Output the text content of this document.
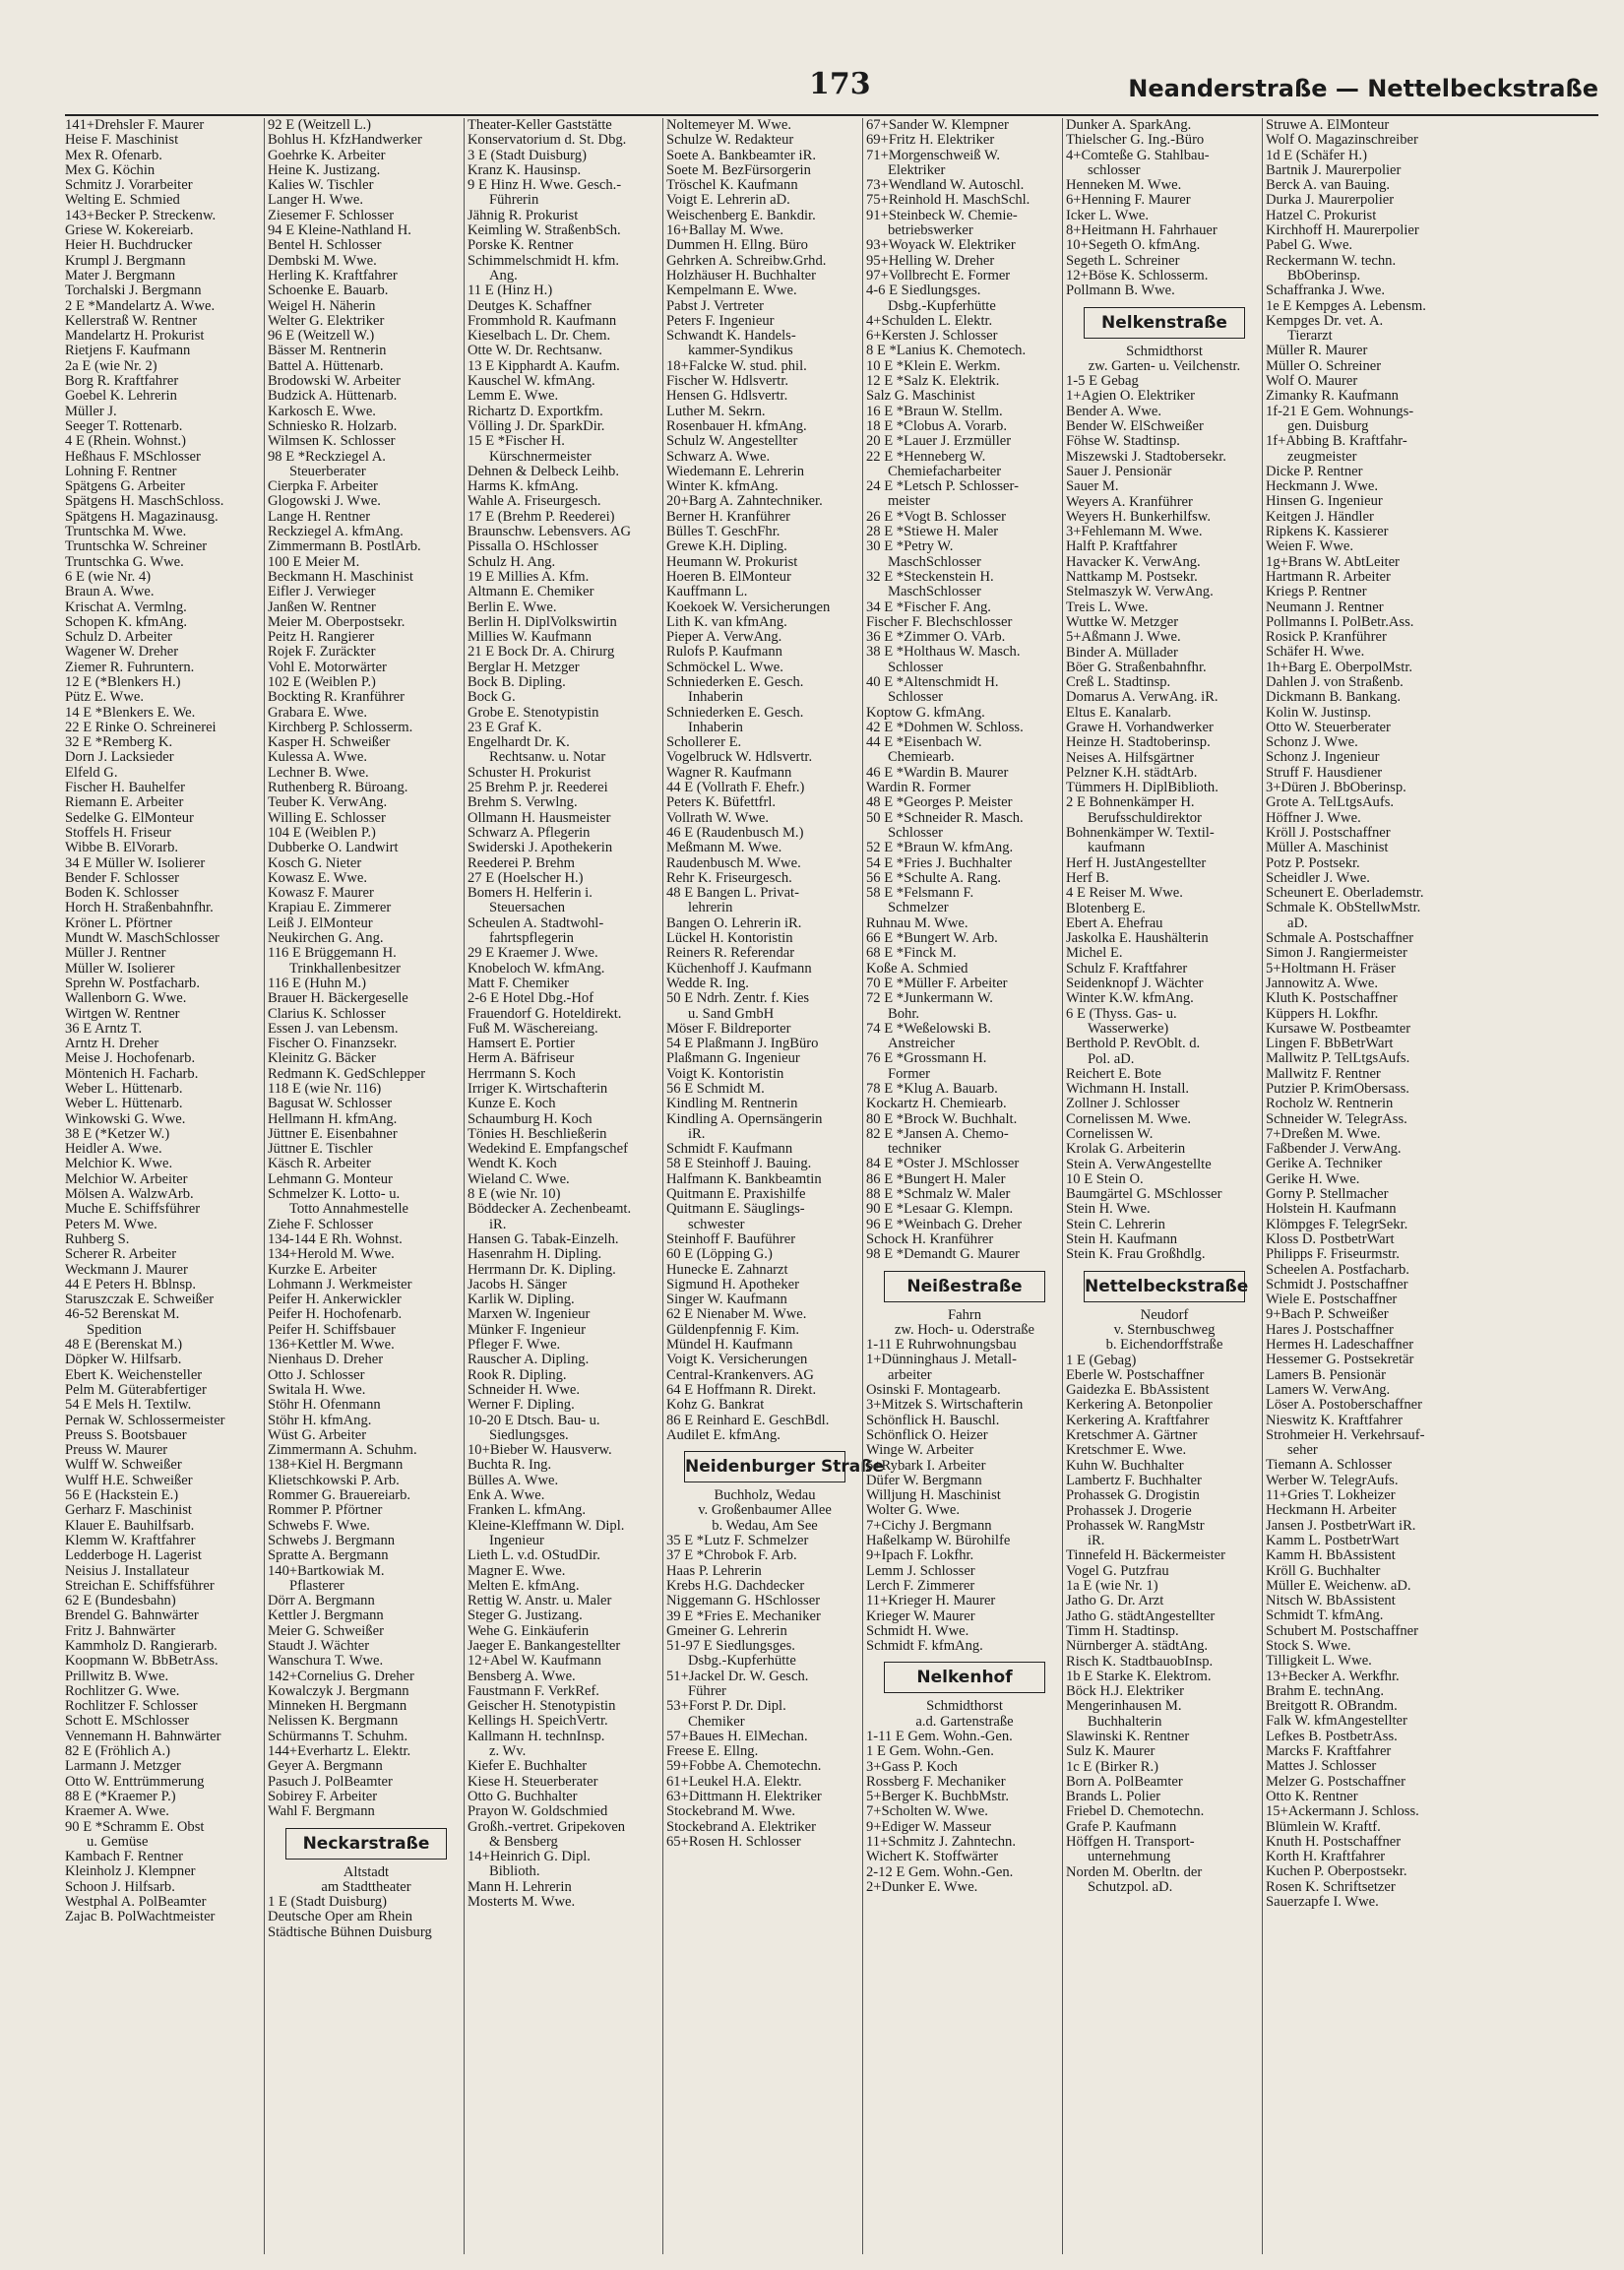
173	Neanderstraße — Nettelbeckstraße
141+Drehsler F. Maurer
Heise F. Maschinist
Mex R. Ofenarb.
Mex G. Köchin
Schmitz J. Vorarbeiter
Welting E. Schmied
143+Becker P. Streckenw.
Griese W. Kokereiarb.
Heier H. Buchdrucker
Krumpl J. Bergmann
Mater J. Bergmann
Torchalski J. Bergmann
2 E *Mandelartz A. Wwe.
Kellerstraß W. Rentner
Mandelartz H. Prokurist
Rietjens F. Kaufmann
2a E (wie Nr. 2)
Borg R. Kraftfahrer
Goebel K. Lehrerin
Müller J.
Seeger T. Rottenarb.
4 E (Rhein. Wohnst.)
Heßhaus F. MSchlosser
Lohning F. Rentner
Spätgens G. Arbeiter
Spätgens H. MaschSchloss.
Spätgens H. Magazinausg.
Truntschka M. Wwe.
Truntschka W. Schreiner
Truntschka G. Wwe.
6 E (wie Nr. 4)
Braun A. Wwe.
Krischat A. Vermlng.
Schopen K. kfmAng.
Schulz D. Arbeiter
Wagener W. Dreher
Ziemer R. Fuhruntern.
12 E (*Blenkers H.)
Pütz E. Wwe.
14 E *Blenkers E. We.
22 E Rinke O. Schreinerei
32 E *Remberg K.
Dorn J. Lacksieder
Elfeld G.
Fischer H. Bauhelfer
Riemann E. Arbeiter
Sedelke G. ElMonteur
Stoffels H. Friseur
Wibbe B. ElVorarb.
34 E Müller W. Isolierer
Bender F. Schlosser
Boden K. Schlosser
Horch H. Straßenbahnfhr.
Kröner L. Pförtner
Mundt W. MaschSchlosser
Müller J. Rentner
Müller W. Isolierer
Sprehn W. Postfacharb.
Wallenborn G. Wwe.
Wirtgen W. Rentner
36 E Arntz T.
Arntz H. Dreher
Meise J. Hochofenarb.
Möntenich H. Facharb.
Weber L. Hüttenarb.
Weber L. Hüttenarb.
Winkowski G. Wwe.
38 E (*Ketzer W.)
Heidler A. Wwe.
Melchior K. Wwe.
Melchior W. Arbeiter
Mölsen A. WalzwArb.
Muche E. Schiffsführer
Peters M. Wwe.
Ruhberg S.
Scherer R. Arbeiter
Weckmann J. Maurer
44 E Peters H. Bblnsp.
Staruszczak E. Schweißer
46-52 Berenskat M.
Spedition
48 E (Berenskat M.)
Döpker W. Hilfsarb.
Ebert K. Weichensteller
Pelm M. Güterabfertiger
54 E Mels H. Textilw.
Pernak W. Schlossermeister
Preuss S. Bootsbauer
Preuss W. Maurer
Wulff W. Schweißer
Wulff H.E. Schweißer
56 E (Hackstein E.)
Gerharz F. Maschinist
Klauer E. Bauhilfsarb.
Klemm W. Kraftfahrer
Ledderboge H. Lagerist
Neisius J. Installateur
Streichan E. Schiffsführer
62 E (Bundesbahn)
Brendel G. Bahnwärter
Fritz J. Bahnwärter
Kammholz D. Rangierarb.
Koopmann W. BbBetrAss.
Prillwitz B. Wwe.
Rochlitzer G. Wwe.
Rochlitzer F. Schlosser
Schott E. MSchlosser
Vennemann H. Bahnwärter
82 E (Fröhlich A.)
Larmann J. Metzger
Otto W. Enttrümmerung
88 E (*Kraemer P.)
Kraemer A. Wwe.
90 E *Schramm E. Obst
u. Gemüse
Kambach F. Rentner
Kleinholz J. Klempner
Schoon J. Hilfsarb.
Westphal A. PolBeamter
Zajac B. PolWachtmeister
92 E (Weitzell L.)
Bohlus H. KfzHandwerker
Goehrke K. Arbeiter
Heine K. Justizang.
Kalies W. Tischler
Langer H. Wwe.
Ziesemer F. Schlosser
94 E Kleine-Nathland H.
Bentel H. Schlosser
Dembski M. Wwe.
Herling K. Kraftfahrer
Schoenke E. Bauarb.
Weigel H. Näherin
Welter G. Elektriker
96 E (Weitzell W.)
Bässer M. Rentnerin
Battel A. Hüttenarb.
Brodowski W. Arbeiter
Budzick A. Hüttenarb.
Karkosch E. Wwe.
Schniesko R. Holzarb.
Wilmsen K. Schlosser
98 E *Reckziegel A.
Steuerberater
Cierpka F. Arbeiter
Glogowski J. Wwe.
Lange H. Rentner
Reckziegel A. kfmAng.
Zimmermann B. PostlArb.
100 E Meier M.
Beckmann H. Maschinist
Eifler J. Verwieger
Janßen W. Rentner
Meier M. Oberpostsekr.
Peitz H. Rangierer
Rojek F. Zuräckter
Vohl E. Motorwärter
102 E (Weiblen P.)
Bockting R. Kranführer
Grabara E. Wwe.
Kirchberg P. Schlosserm.
Kasper H. Schweißer
Kulessa A. Wwe.
Lechner B. Wwe.
Ruthenberg R. Büroang.
Teuber K. VerwAng.
Willing E. Schlosser
104 E (Weiblen P.)
Dubberke O. Landwirt
Kosch G. Nieter
Kowasz E. Wwe.
Kowasz F. Maurer
Krapiau E. Zimmerer
Leiß J. ElMonteur
Neukirchen G. Ang.
116 E Brüggemann H.
Trinkhallenbesitzer
116 E (Huhn M.)
Brauer H. Bäckergeselle
Clarius K. Schlosser
Essen J. van Lebensm.
Fischer O. Finanzsekr.
Kleinitz G. Bäcker
Redmann K. GedSchlepper
118 E (wie Nr. 116)
Bagusat W. Schlosser
Hellmann H. kfmAng.
Jüttner E. Eisenbahner
Jüttner E. Tischler
Käsch R. Arbeiter
Lehmann G. Monteur
Schmelzer K. Lotto- u.
Totto Annahmestelle
Ziehe F. Schlosser
134-144 E Rh. Wohnst.
134+Herold M. Wwe.
Kurzke E. Arbeiter
Lohmann J. Werkmeister
Peifer H. Ankerwickler
Peifer H. Hochofenarb.
Peifer H. Schiffsbauer
136+Kettler M. Wwe.
Nienhaus D. Dreher
Otto J. Schlosser
Switala H. Wwe.
Stöhr H. Ofenmann
Stöhr H. kfmAng.
Wüst G. Arbeiter
Zimmermann A. Schuhm.
138+Kiel H. Bergmann
Klietschkowski P. Arb.
Rommer G. Brauereiarb.
Rommer P. Pförtner
Schwebs F. Wwe.
Schwebs J. Bergmann
Spratte A. Bergmann
140+Bartkowiak M.
Pflasterer
Dörr A. Bergmann
Kettler J. Bergmann
Meier G. Schweißer
Staudt J. Wächter
Wanschura T. Wwe.
142+Cornelius G. Dreher
Kowalczyk J. Bergmann
Minneken H. Bergmann
Nelissen K. Bergmann
Schürmanns T. Schuhm.
144+Everhartz L. Elektr.
Geyer A. Bergmann
Pasuch J. PolBeamter
Sobirey F. Arbeiter
Wahl F. Bergmann
Neckarstraße
Altstadt
am Stadttheater
1 E (Stadt Duisburg)
Deutsche Oper am Rhein
Städtische Bühnen Duisburg
Theater-Keller Gaststätte
Konservatorium d. St. Dbg.
3 E (Stadt Duisburg)
Kranz K. Hausinsp.
9 E Hinz H. Wwe. Gesch.-
Führerin
Jähnig R. Prokurist
Keimling W. StraßenbSch.
Porske K. Rentner
Schimmelschmidt H. kfm.
Ang.
11 E (Hinz H.)
Deutges K. Schaffner
Frommhold R. Kaufmann
Kieselbach L. Dr. Chem.
Otte W. Dr. Rechtsanw.
13 E Kipphardt A. Kaufm.
Kauschel W. kfmAng.
Lemm E. Wwe.
Richartz D. Exportkfm.
Völling J. Dr. SparkDir.
15 E *Fischer H.
Kürschnermeister
Dehnen & Delbeck Leihb.
Harms K. kfmAng.
Wahle A. Friseurgesch.
17 E (Brehm P. Reederei)
Braunschw. Lebensvers. AG
Pissalla O. HSchlosser
Schulz H. Ang.
19 E Millies A. Kfm.
Altmann E. Chemiker
Berlin E. Wwe.
Berlin H. DiplVolkswirtin
Millies W. Kaufmann
21 E Bock Dr. A. Chirurg
Berglar H. Metzger
Bock B. Dipling.
Bock G.
Grobe E. Stenotypistin
23 E Graf K.
Engelhardt Dr. K.
Rechtsanw. u. Notar
Schuster H. Prokurist
25 Brehm P. jr. Reederei
Brehm S. Verwlng.
Ollmann H. Hausmeister
Schwarz A. Pflegerin
Swiderski J. Apothekerin
Reederei P. Brehm
27 E (Hoelscher H.)
Bomers H. Helferin i.
Steuersachen
Scheulen A. Stadtwohl-
fahrtspflegerin
29 E Kraemer J. Wwe.
Knobeloch W. kfmAng.
Matt F. Chemiker
2-6 E Hotel Dbg.-Hof
Frauendorf G. Hoteldirekt.
Fuß M. Wäschereiang.
Hamsert E. Portier
Herm A. Bäfriseur
Herrmann S. Koch
Irriger K. Wirtschafterin
Kunze E. Koch
Schaumburg H. Koch
Tönies H. Beschließerin
Wedekind E. Empfangschef
Wendt K. Koch
Wieland C. Wwe.
8 E (wie Nr. 10)
Böddecker A. Zechenbeamt.
iR.
Hansen G. Tabak-Einzelh.
Hasenrahm H. Dipling.
Herrmann Dr. K. Dipling.
Jacobs H. Sänger
Karlik W. Dipling.
Marxen W. Ingenieur
Münker F. Ingenieur
Pfleger F. Wwe.
Rauscher A. Dipling.
Rook R. Dipling.
Schneider H. Wwe.
Werner F. Dipling.
10-20 E Dtsch. Bau- u.
Siedlungsges.
10+Bieber W. Hausverw.
Buchta R. Ing.
Bülles A. Wwe.
Enk A. Wwe.
Franken L. kfmAng.
Kleine-Kleffmann W. Dipl.
Ingenieur
Lieth L. v.d. OStudDir.
Magner E. Wwe.
Melten E. kfmAng.
Rettig W. Anstr. u. Maler
Steger G. Justizang.
Wehe G. Einkäuferin
Jaeger E. Bankangestellter
12+Abel W. Kaufmann
Bensberg A. Wwe.
Faustmann F. VerkRef.
Geischer H. Stenotypistin
Kellings H. SpeichVertr.
Kallmann H. technInsp.
z. Wv.
Kiefer E. Buchhalter
Kiese H. Steuerberater
Otto G. Buchhalter
Prayon W. Goldschmied
Großh.-vertret. Gripekoven
& Bensberg
14+Heinrich G. Dipl.
Biblioth.
Mann H. Lehrerin
Mosterts M. Wwe.
Noltemeyer M. Wwe.
Schulze W. Redakteur
Soete A. Bankbeamter iR.
Soete M. BezFürsorgerin
Tröschel K. Kaufmann
Voigt E. Lehrerin aD.
Weischenberg E. Bankdir.
16+Ballay M. Wwe.
Dummen H. Ellng. Büro
Gehrken A. Schreibw.Grhd.
Holzhäuser H. Buchhalter
Kempelmann E. Wwe.
Pabst J. Vertreter
Peters F. Ingenieur
Schwandt K. Handels-
kammer-Syndikus
18+Falcke W. stud. phil.
Fischer W. Hdlsvertr.
Hensen G. Hdlsvertr.
Luther M. Sekrn.
Rosenbauer H. kfmAng.
Schulz W. Angestellter
Schwarz A. Wwe.
Wiedemann E. Lehrerin
Winter K. kfmAng.
20+Barg A. Zahntechniker.
Berner H. Kranführer
Bülles T. GeschFhr.
Grewe K.H. Dipling.
Heumann W. Prokurist
Hoeren B. ElMonteur
Kauffmann L.
Koekoek W. Versicherungen
Lith K. van kfmAng.
Pieper A. VerwAng.
Rulofs P. Kaufmann
Schmöckel L. Wwe.
Schniederken E. Gesch.
Inhaberin
Schniederken E. Gesch.
Inhaberin
Schollerer E.
Vogelbruck W. Hdlsvertr.
Wagner R. Kaufmann
44 E (Vollrath F. Ehefr.)
Peters K. Büfettfrl.
Vollrath W. Wwe.
46 E (Raudenbusch M.)
Meßmann M. Wwe.
Raudenbusch M. Wwe.
Rehr K. Friseurgesch.
48 E Bangen L. Privat-
lehrerin
Bangen O. Lehrerin iR.
Lückel H. Kontoristin
Reiners R. Referendar
Küchenhoff J. Kaufmann
Wedde R. Ing.
50 E Ndrh. Zentr. f. Kies
u. Sand GmbH
Möser F. Bildreporter
54 E Plaßmann J. IngBüro
Plaßmann G. Ingenieur
Voigt K. Kontoristin
56 E Schmidt M.
Kindling M. Rentnerin
Kindling A. Opernsängerin
iR.
Schmidt F. Kaufmann
58 E Steinhoff J. Bauing.
Halfmann K. Bankbeamtin
Quitmann E. Praxishilfe
Quitmann E. Säuglings-
schwester
Steinhoff F. Bauführer
60 E (Löpping G.)
Hunecke E. Zahnarzt
Sigmund H. Apotheker
Singer W. Kaufmann
62 E Nienaber M. Wwe.
Güldenpfennig F. Kim.
Mündel H. Kaufmann
Voigt K. Versicherungen
Central-Krankenvers. AG
64 E Hoffmann R. Direkt.
Kohz G. Bankrat
86 E Reinhard E. GeschBdl.
Audilet E. kfmAng.
Neidenburger Straße
Buchholz, Wedau
v. Großenbaumer Allee
b. Wedau, Am See
35 E *Lutz F. Schmelzer
37 E *Chrobok F. Arb.
Haas P. Lehrerin
Krebs H.G. Dachdecker
Niggemann G. HSchlosser
39 E *Fries E. Mechaniker
Gmeiner G. Lehrerin
51-97 E Siedlungsges.
Dsbg.-Kupferhütte
51+Jackel Dr. W. Gesch.
Führer
53+Forst P. Dr. Dipl.
Chemiker
57+Baues H. ElMechan.
Freese E. Ellng.
59+Fobbe A. Chemotechn.
61+Leukel H.A. Elektr.
63+Dittmann H. Elektriker
Stockebrand M. Wwe.
Stockebrand A. Elektriker
65+Rosen H. Schlosser
67+Sander W. Klempner
69+Fritz H. Elektriker
71+Morgenschweiß W.
Elektriker
73+Wendland W. Autoschl.
75+Reinhold H. MaschSchl.
91+Steinbeck W. Chemie-
betriebswerker
93+Woyack W. Elektriker
95+Helling W. Dreher
97+Vollbrecht E. Former
4-6 E Siedlungsges.
Dsbg.-Kupferhütte
4+Schulden L. Elektr.
6+Kersten J. Schlosser
8 E *Lanius K. Chemotech.
10 E *Klein E. Werkm.
12 E *Salz K. Elektrik.
Salz G. Maschinist
16 E *Braun W. Stellm.
18 E *Clobus A. Vorarb.
20 E *Lauer J. Erzmüller
22 E *Henneberg W.
Chemiefacharbeiter
24 E *Letsch P. Schlosser-
meister
26 E *Vogt B. Schlosser
28 E *Stiewe H. Maler
30 E *Petry W.
MaschSchlosser
32 E *Steckenstein H.
MaschSchlosser
34 E *Fischer F. Ang.
Fischer F. Blechschlosser
36 E *Zimmer O. VArb.
38 E *Holthaus W. Masch.
Schlosser
40 E *Altenschmidt H.
Schlosser
Koptow G. kfmAng.
42 E *Dohmen W. Schloss.
44 E *Eisenbach W.
Chemiearb.
46 E *Wardin B. Maurer
Wardin R. Former
48 E *Georges P. Meister
50 E *Schneider R. Masch.
Schlosser
52 E *Braun W. kfmAng.
54 E *Fries J. Buchhalter
56 E *Schulte A. Rang.
58 E *Felsmann F.
Schmelzer
Ruhnau M. Wwe.
66 E *Bungert W. Arb.
68 E *Finck M.
Koße A. Schmied
70 E *Müller F. Arbeiter
72 E *Junkermann W.
Bohr.
74 E *Weßelowski B.
Anstreicher
76 E *Grossmann H.
Former
78 E *Klug A. Bauarb.
Kockartz H. Chemiearb.
80 E *Brock W. Buchhalt.
82 E *Jansen A. Chemo-
techniker
84 E *Oster J. MSchlosser
86 E *Bungert H. Maler
88 E *Schmalz W. Maler
90 E *Lesaar G. Klempn.
96 E *Weinbach G. Dreher
Schock H. Kranführer
98 E *Demandt G. Maurer
Neißestraße
Fahrn
zw. Hoch- u. Oderstraße
1-11 E Ruhrwohnungsbau
1+Dünninghaus J. Metall-
arbeiter
Osinski F. Montagearb.
3+Mitzek S. Wirtschafterin
Schönflick H. Bauschl.
Schönflick O. Heizer
Winge W. Arbeiter
5+Rybark I. Arbeiter
Düfer W. Bergmann
Willjung H. Maschinist
Wolter G. Wwe.
7+Cichy J. Bergmann
Haßelkamp W. Bürohilfe
9+Ipach F. Lokfhr.
Lemm J. Schlosser
Lerch F. Zimmerer
11+Krieger H. Maurer
Krieger W. Maurer
Schmidt H. Wwe.
Schmidt F. kfmAng.
Nelkenhof
Schmidthorst
a.d. Gartenstraße
1-11 E Gem. Wohn.-Gen.
1 E Gem. Wohn.-Gen.
3+Gass P. Koch
Rossberg F. Mechaniker
5+Berger K. BuchbMstr.
7+Scholten W. Wwe.
9+Ediger W. Masseur
11+Schmitz J. Zahntechn.
Wichert K. Stoffwärter
2-12 E Gem. Wohn.-Gen.
2+Dunker E. Wwe.
Dunker A. SparkAng.
Thielscher G. Ing.-Büro
4+Comteße G. Stahlbau-
schlosser
Henneken M. Wwe.
6+Henning F. Maurer
Icker L. Wwe.
8+Heitmann H. Fahrhauer
10+Segeth O. kfmAng.
Segeth L. Schreiner
12+Böse K. Schlosserm.
Pollmann B. Wwe.
Nelkenstraße
Schmidthorst
zw. Garten- u. Veilchenstr.
1-5 E Gebag
1+Agien O. Elektriker
Bender A. Wwe.
Bender W. ElSchweißer
Föhse W. Stadtinsp.
Miszewski J. Stadtobersekr.
Sauer J. Pensionär
Sauer M.
Weyers A. Kranführer
Weyers H. Bunkerhilfsw.
3+Fehlemann M. Wwe.
Halft P. Kraftfahrer
Havacker K. VerwAng.
Nattkamp M. Postsekr.
Stelmaszyk W. VerwAng.
Treis L. Wwe.
Wuttke W. Metzger
5+Aßmann J. Wwe.
Binder A. Müllader
Böer G. Straßenbahnfhr.
Creß L. Stadtinsp.
Domarus A. VerwAng. iR.
Eltus E. Kanalarb.
Grawe H. Vorhandwerker
Heinze H. Stadtoberinsp.
Neises A. Hilfsgärtner
Pelzner K.H. städtArb.
Tümmers H. DiplBiblioth.
2 E Bohnenkämper H.
Berufsschuldirektor
Bohnenkämper W. Textil-
kaufmann
Herf H. JustAngestellter
Herf B.
4 E Reiser M. Wwe.
Blotenberg E.
Ebert A. Ehefrau
Jaskolka E. Haushälterin
Michel E.
Schulz F. Kraftfahrer
Seidenknopf J. Wächter
Winter K.W. kfmAng.
6 E (Thyss. Gas- u.
Wasserwerke)
Berthold P. RevOblt. d.
Pol. aD.
Reichert E. Bote
Wichmann H. Install.
Zollner J. Schlosser
Cornelissen M. Wwe.
Cornelissen W.
Krolak G. Arbeiterin
Stein A. VerwAngestellte
10 E Stein O.
Baumgärtel G. MSchlosser
Stein H. Wwe.
Stein C. Lehrerin
Stein H. Kaufmann
Stein K. Frau Großhdlg.
Nettelbeckstraße
Neudorf
v. Sternbuschweg
b. Eichendorffstraße
1 E (Gebag)
Eberle W. Postschaffner
Gaidezka E. BbAssistent
Kerkering A. Betonpolier
Kerkering A. Kraftfahrer
Kretschmer A. Gärtner
Kretschmer E. Wwe.
Kuhn W. Buchhalter
Lambertz F. Buchhalter
Prohassek G. Drogistin
Prohassek J. Drogerie
Prohassek W. RangMstr
iR.
Tinnefeld H. Bäckermeister
Vogel G. Putzfrau
1a E (wie Nr. 1)
Jatho G. Dr. Arzt
Jatho G. städtAngestellter
Timm H. Stadtinsp.
Nürnberger A. städtAng.
Risch K. StadtbauobInsp.
1b E Starke K. Elektrom.
Böck H.J. Elektriker
Mengerinhausen M.
Buchhalterin
Slawinski K. Rentner
Sulz K. Maurer
1c E (Birker R.)
Born A. PolBeamter
Brands L. Polier
Friebel D. Chemotechn.
Grafe P. Kaufmann
Höffgen H. Transport-
unternehmung
Norden M. Oberltn. der
Schutzpol. aD.
Struwe A. ElMonteur
Wolf O. Magazinschreiber
1d E (Schäfer H.)
Bartnik J. Maurerpolier
Berck A. van Bauing.
Durka J. Maurerpolier
Hatzel C. Prokurist
Kirchhoff H. Maurerpolier
Pabel G. Wwe.
Reckermann W. techn.
BbOberinsp.
Schaffranka J. Wwe.
1e E Kempges A. Lebensm.
Kempges Dr. vet. A.
Tierarzt
Müller R. Maurer
Müller O. Schreiner
Wolf O. Maurer
Zimanky R. Kaufmann
1f-21 E Gem. Wohnungs-
gen. Duisburg
1f+Abbing B. Kraftfahr-
zeugmeister
Dicke P. Rentner
Heckmann J. Wwe.
Hinsen G. Ingenieur
Keitgen J. Händler
Ripkens K. Kassierer
Weien F. Wwe.
1g+Brans W. AbtLeiter
Hartmann R. Arbeiter
Kriegs P. Rentner
Neumann J. Rentner
Pollmanns I. PolBetr.Ass.
Rosick P. Kranführer
Schäfer H. Wwe.
1h+Barg E. OberpolMstr.
Dahlen J. von Straßenb.
Dickmann B. Bankang.
Kolin W. Justinsp.
Otto W. Steuerberater
Schonz J. Wwe.
Schonz J. Ingenieur
Struff F. Hausdiener
3+Düren J. BbOberinsp.
Grote A. TelLtgsAufs.
Höffner J. Wwe.
Kröll J. Postschaffner
Müller A. Maschinist
Potz P. Postsekr.
Scheidler J. Wwe.
Scheunert E. Oberlademstr.
Schmale K. ObStellwMstr.
aD.
Schmale A. Postschaffner
Simon J. Rangiermeister
5+Holtmann H. Fräser
Jannowitz A. Wwe.
Kluth K. Postschaffner
Küppers H. Lokfhr.
Kursawe W. Postbeamter
Lingen F. BbBetrWart
Mallwitz P. TelLtgsAufs.
Mallwitz F. Rentner
Putzier P. KrimObersass.
Rocholz W. Rentnerin
Schneider W. TelegrAss.
7+Dreßen M. Wwe.
Faßbender J. VerwAng.
Gerike A. Techniker
Gerike H. Wwe.
Gorny P. Stellmacher
Holstein H. Kaufmann
Klömpges F. TelegrSekr.
Kloss D. PostbetrWart
Philipps F. Friseurmstr.
Scheelen A. Postfacharb.
Schmidt J. Postschaffner
Wiele E. Postschaffner
9+Bach P. Schweißer
Hares J. Postschaffner
Hermes H. Ladeschaffner
Hessemer G. Postsekretär
Lamers B. Pensionär
Lamers W. VerwAng.
Löser A. Postoberschaffner
Nieswitz K. Kraftfahrer
Strohmeier H. Verkehrsauf-
seher
Tiemann A. Schlosser
Werber W. TelegrAufs.
11+Gries T. Lokheizer
Heckmann H. Arbeiter
Jansen J. PostbetrWart iR.
Kamm L. PostbetrWart
Kamm H. BbAssistent
Kröll G. Buchhalter
Müller E. Weichenw. aD.
Nitsch W. BbAssistent
Schmidt T. kfmAng.
Schubert M. Postschaffner
Stock S. Wwe.
Tilligkeit L. Wwe.
13+Becker A. Werkfhr.
Brahm E. technAng.
Breitgott R. OBrandm.
Falk W. kfmAngestellter
Lefkes B. PostbetrAss.
Marcks F. Kraftfahrer
Mattes J. Schlosser
Melzer G. Postschaffner
Otto K. Rentner
15+Ackermann J. Schloss.
Blümlein W. Kraftf.
Knuth H. Postschaffner
Korth H. Kraftfahrer
Kuchen P. Oberpostsekr.
Rosen K. Schriftsetzer
Sauerzapfe I. Wwe.
